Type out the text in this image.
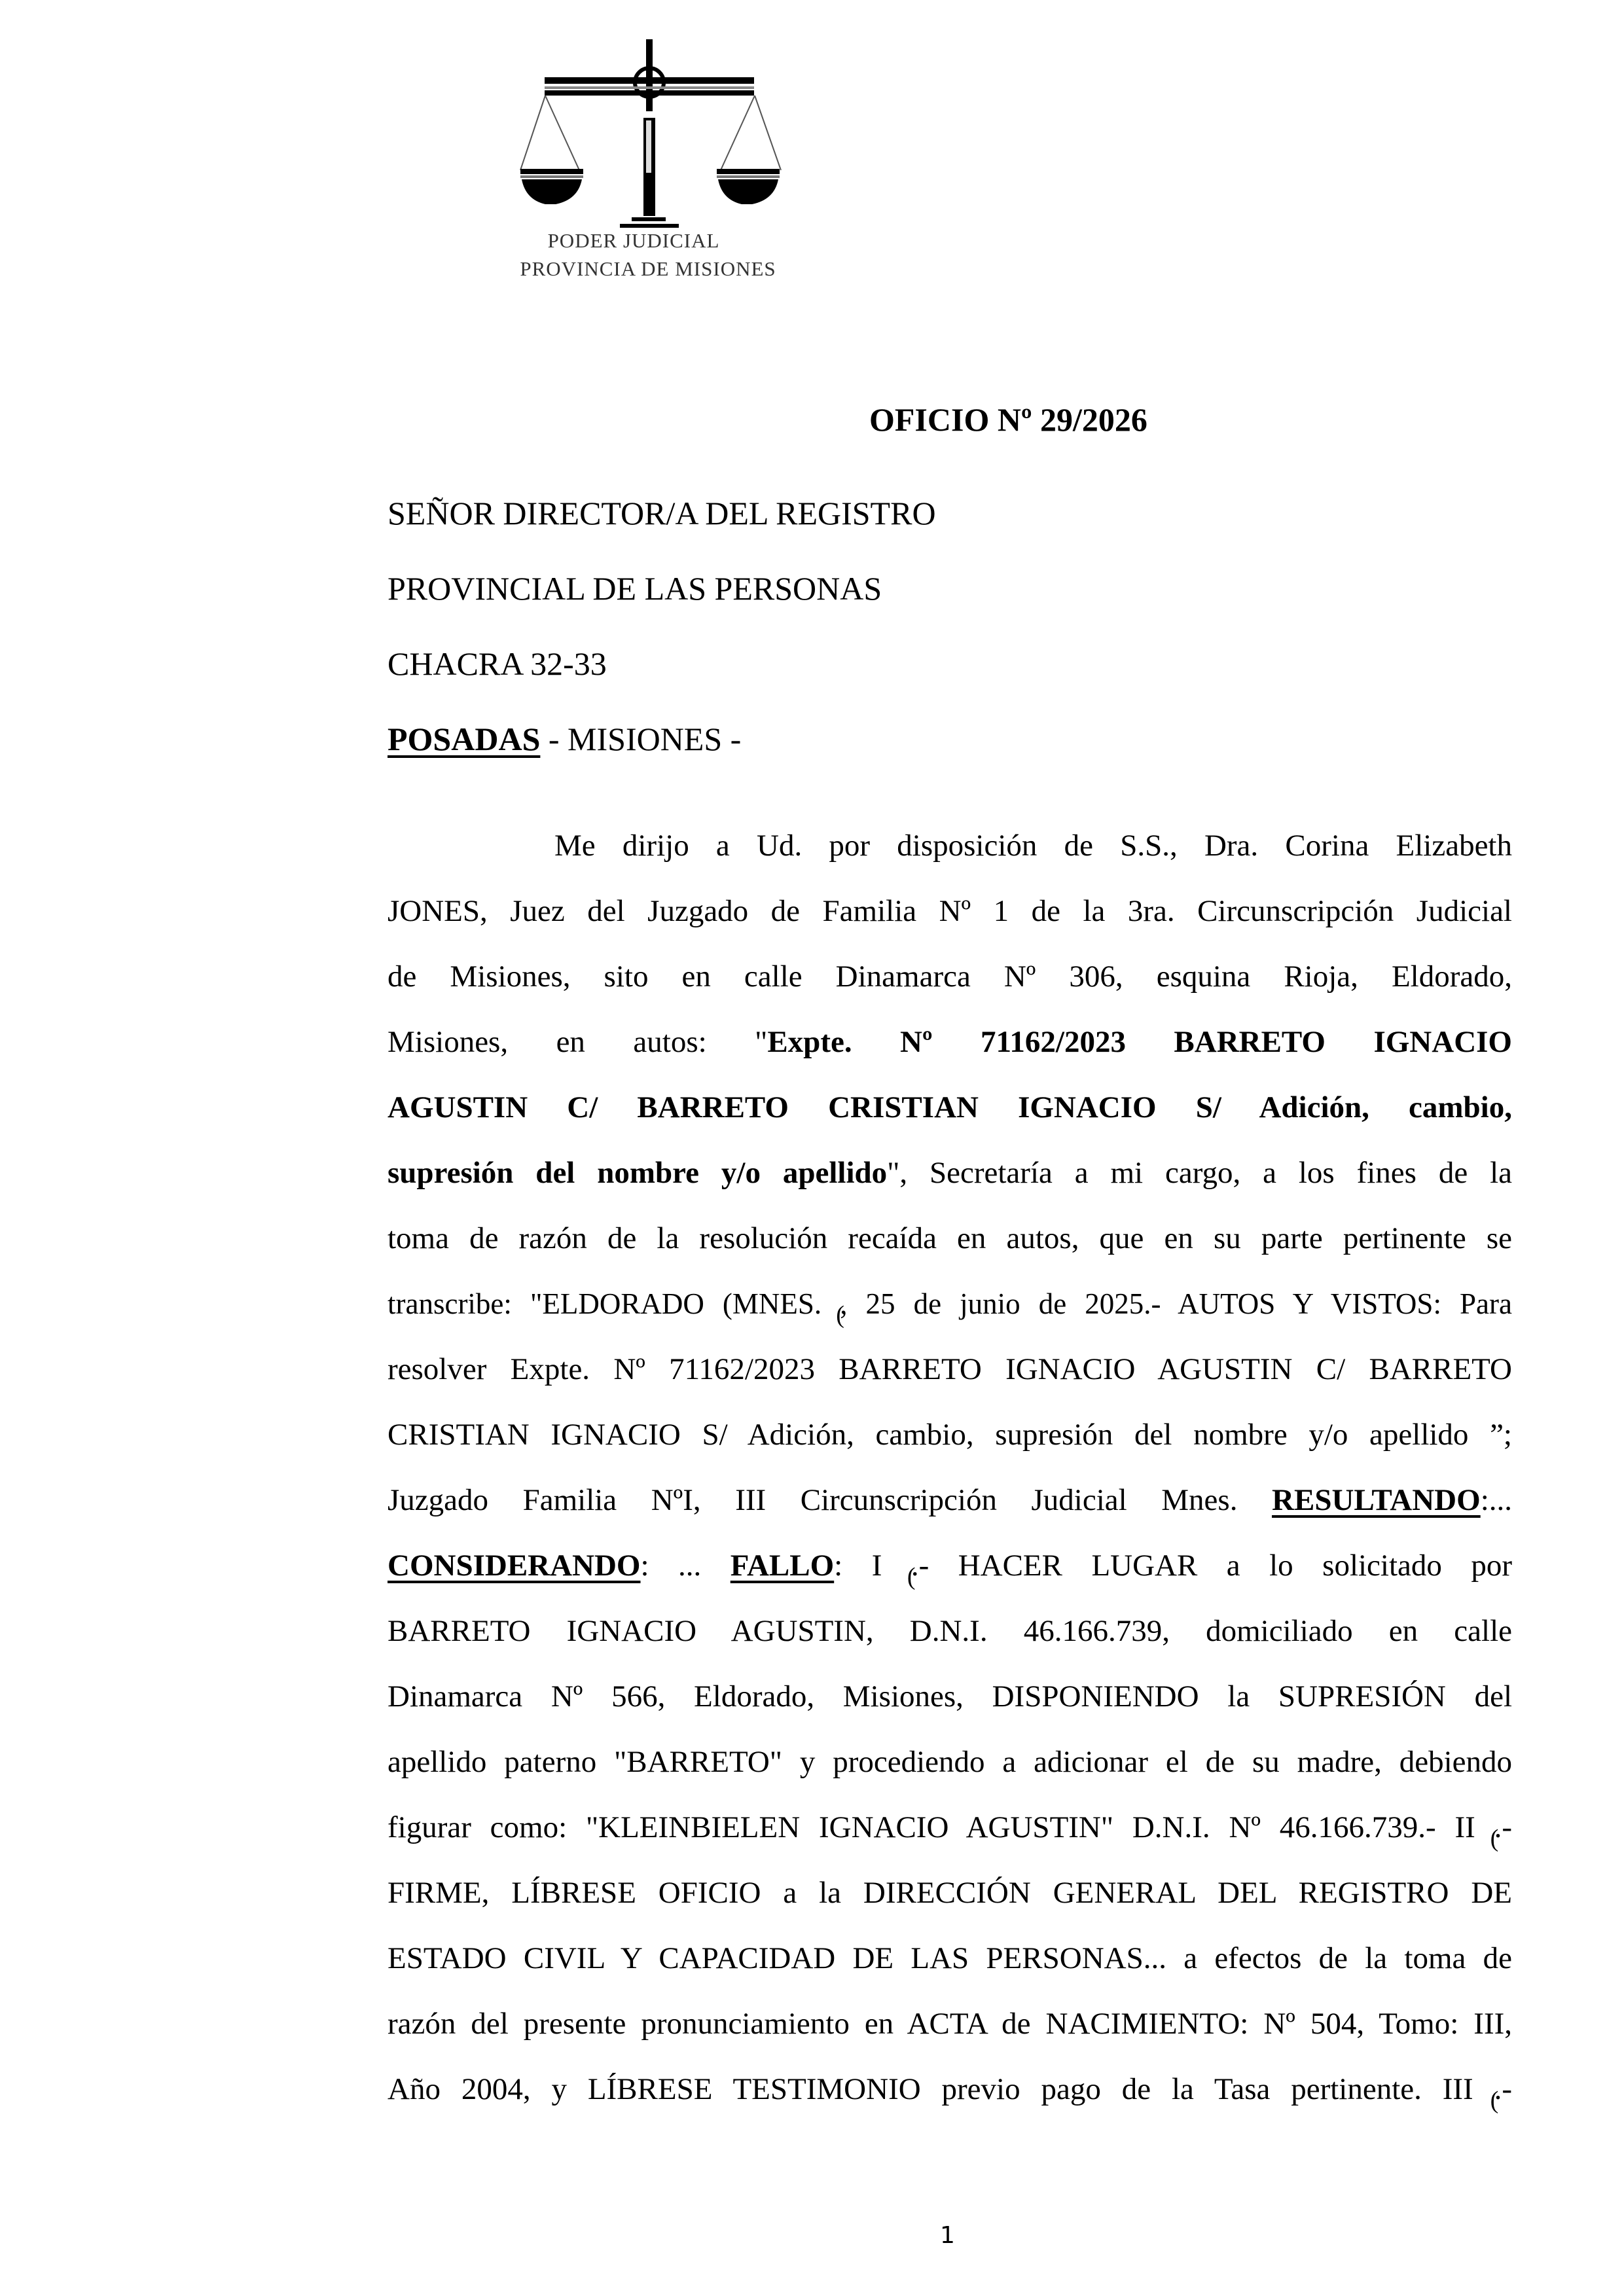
PODER JUDICIAL
PROVINCIA DE MISIONES
OFICIO Nº 29/2026
SEÑOR DIRECTOR/A DEL REGISTRO
PROVINCIAL DE LAS PERSONAS
CHACRA 32-33
POSADAS - MISIONES -
Me dirijo a Ud. por disposición de S.S., Dra. Corina Elizabeth
JONES, Juez del Juzgado de Familia Nº 1 de la 3ra. Circunscripción Judicial
de Misiones, sito en calle Dinamarca Nº 306, esquina Rioja, Eldorado,
Misiones, en autos: "Expte. Nº 71162/2023 BARRETO IGNACIO
AGUSTIN C/ BARRETO CRISTIAN IGNACIO S/ Adición, cambio,
supresión del nombre y/o apellido", Secretaría a mi cargo, a los fines de la
toma de razón de la resolución recaída en autos, que en su parte pertinente se
transcribe: "ELDORADO (MNES. , 25 de junio de 2025.- AUTOS Y VISTOS: Para
resolver Expte. Nº 71162/2023 BARRETO IGNACIO AGUSTIN C/ BARRETO
CRISTIAN IGNACIO S/ Adición, cambio, supresión del nombre y/o apellido ”;
Juzgado Familia NºI, III Circunscripción Judicial Mnes. RESULTANDO:...
CONSIDERANDO: ... FALLO: I .- HACER LUGAR a lo solicitado por
BARRETO IGNACIO AGUSTIN, D.N.I. 46.166.739, domiciliado en calle
Dinamarca Nº 566, Eldorado, Misiones, DISPONIENDO la SUPRESIÓN del
apellido paterno "BARRETO" y procediendo a adicionar el de su madre, debiendo
figurar como: "KLEINBIELEN IGNACIO AGUSTIN" D.N.I. Nº 46.166.739.- II .-
FIRME, LÍBRESE OFICIO a la DIRECCIÓN GENERAL DEL REGISTRO DE
ESTADO CIVIL Y CAPACIDAD DE LAS PERSONAS... a efectos de la toma de
razón del presente pronunciamiento en ACTA de NACIMIENTO: Nº 504, Tomo: III,
Año 2004, y LÍBRESE TESTIMONIO previo pago de la Tasa pertinente. III .-
1
